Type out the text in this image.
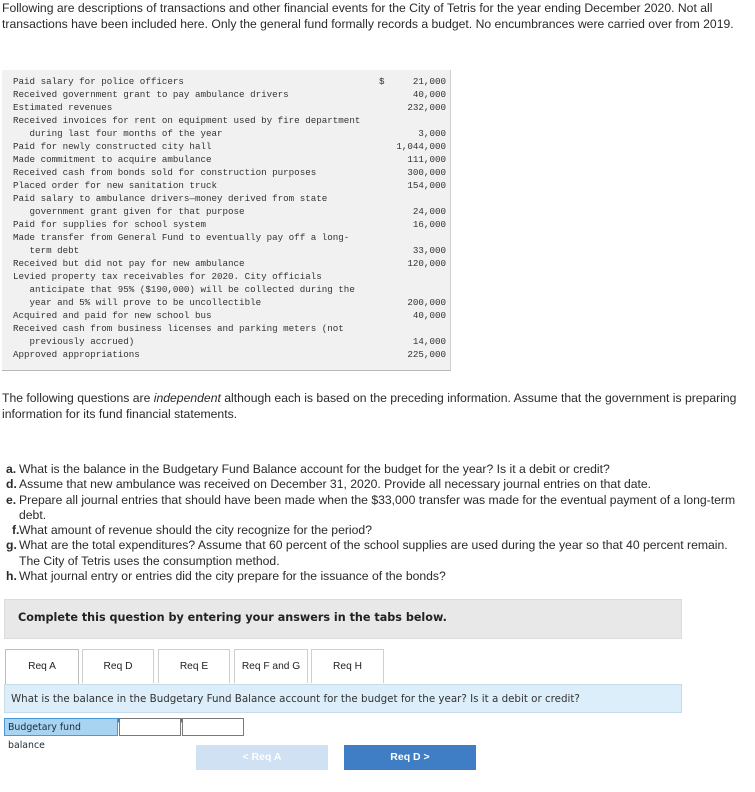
Following are descriptions of transactions and other financial events for the City of Tetris for the year ending December 2020. Not all transactions have been included here. Only the general fund formally records a budget. No encumbrances were carried over from 2019.
Paid salary for police officers	$	21,000
Received government grant to pay ambulance drivers	40,000
Estimated revenues	232,000
Received invoices for rent on equipment used by fire department
during last four months of the year	3,000
Paid for newly constructed city hall	1,044,000
Made commitment to acquire ambulance	111,000
Received cash from bonds sold for construction purposes	300,000
Placed order for new sanitation truck	154,000
Paid salary to ambulance drivers—money derived from state
government grant given for that purpose	24,000
Paid for supplies for school system	16,000
Made transfer from General Fund to eventually pay off a long-
term debt	33,000
Received but did not pay for new ambulance	120,000
Levied property tax receivables for 2020. City officials
anticipate that 95% ($190,000) will be collected during the
year and 5% will prove to be uncollectible	200,000
Acquired and paid for new school bus	40,000
Received cash from business licenses and parking meters (not
previously accrued)	14,000
Approved appropriations	225,000
The following questions are independent although each is based on the preceding information. Assume that the government is preparing information for its fund financial statements.
a. What is the balance in the Budgetary Fund Balance account for the budget for the year? Is it a debit or credit?
d. Assume that new ambulance was received on December 31, 2020. Provide all necessary journal entries on that date.
e. Prepare all journal entries that should have been made when the $33,000 transfer was made for the eventual payment of a long-term debt.
f. What amount of revenue should the city recognize for the period?
g. What are the total expenditures? Assume that 60 percent of the school supplies are used during the year so that 40 percent remain. The City of Tetris uses the consumption method.
h. What journal entry or entries did the city prepare for the issuance of the bonds?
Complete this question by entering your answers in the tabs below.
Req A	Req D	Req E	Req F and G	Req H
What is the balance in the Budgetary Fund Balance account for the budget for the year? Is it a debit or credit?
Budgetary fund balance
< Req A	Req D >
